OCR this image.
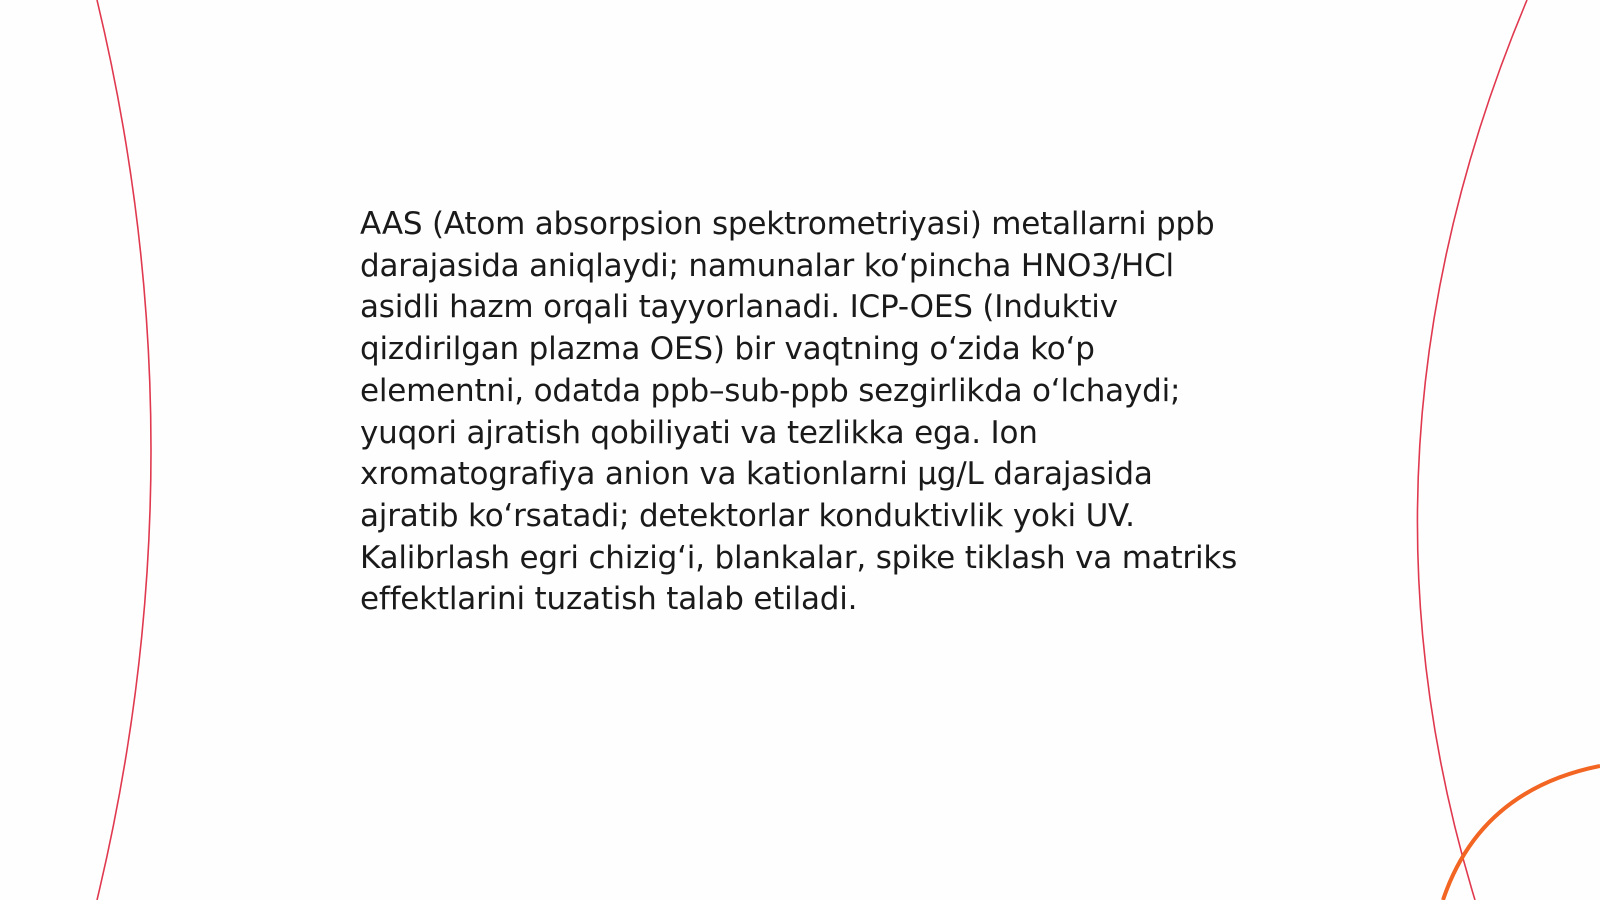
AAS (Atom absorpsion spektrometriyasi) metallarni ppb darajasida aniqlaydi; namunalar koʻpincha HNO3/HCl asidli hazm orqali tayyorlanadi. ICP-OES (Induktiv qizdirilgan plazma OES) bir vaqtning oʻzida koʻp elementni, odatda ppb–sub-ppb sezgirlikda oʻlchaydi; yuqori ajratish qobiliyati va tezlikka ega. Ion xromatografiya anion va kationlarni µg/L darajasida ajratib koʻrsatadi; detektorlar konduktivlik yoki UV. Kalibrlash egri chizigʻi, blankalar, spike tiklash va matriks effektlarini tuzatish talab etiladi.
